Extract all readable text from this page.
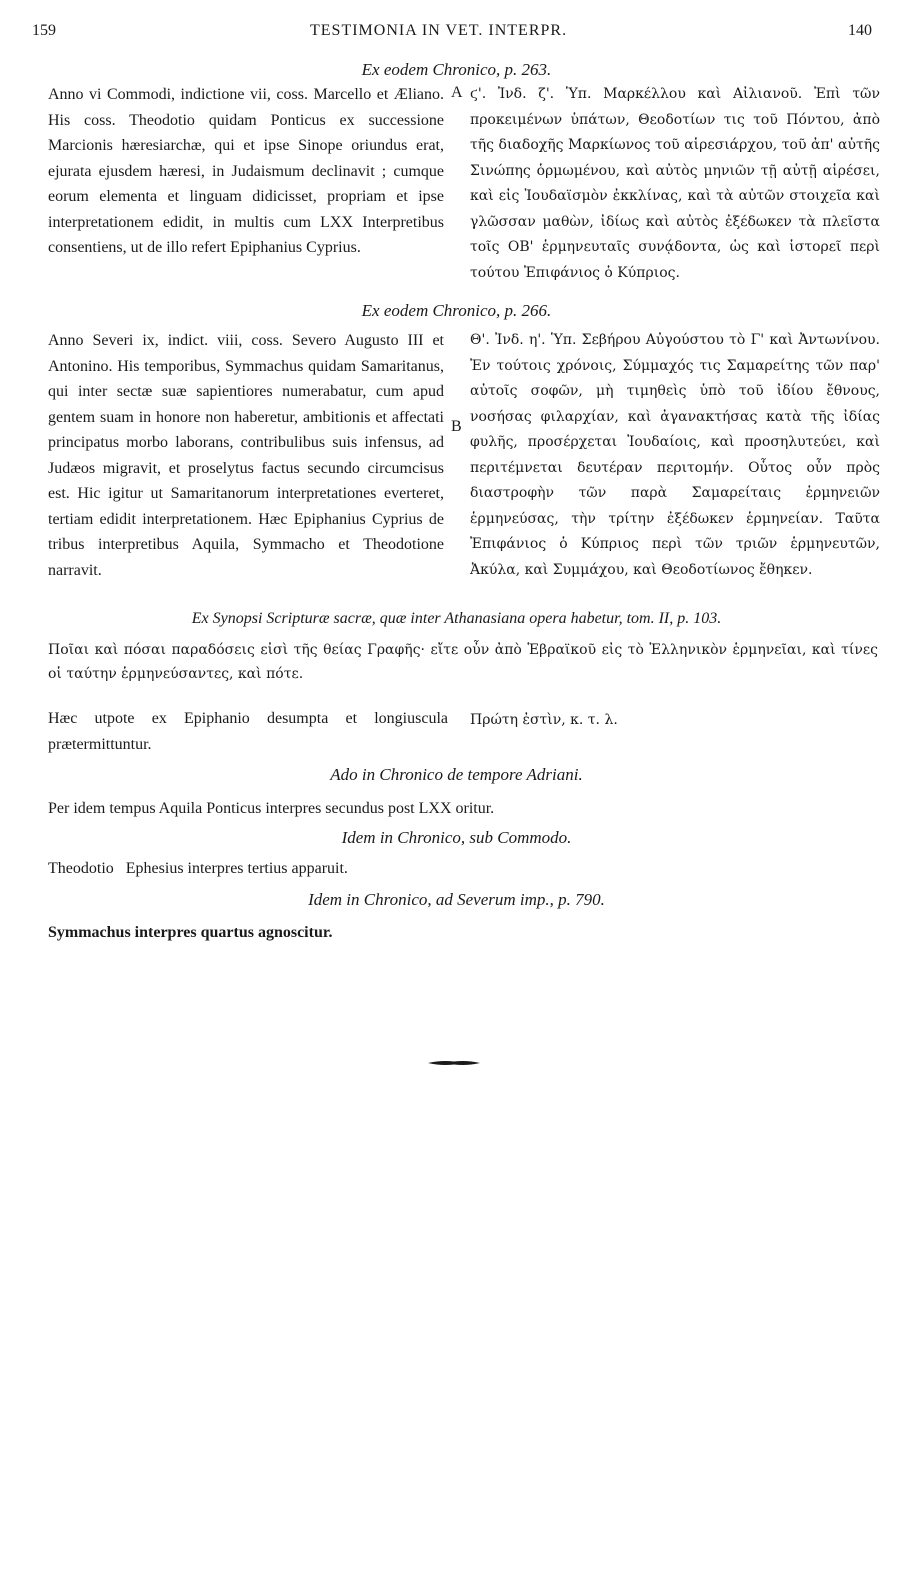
159	TESTIMONIA IN VET. INTERPR.	140
Ex eodem Chronico, p. 263.
Anno vi Commodi, indictione vii, coss. Marcello et Æliano. His coss. Theodotio quidam Ponticus ex successione Marcionis hæresiarchæ, qui et ipse Sinope oriundus erat, ejurata ejusdem hæresi, in Judaismum declinavit ; cumque eorum elementa et linguam didicisset, propriam et ipse interpretationem edidit, in multis cum LXX Interpretibus consentiens, ut de illo refert Epiphanius Cyprius.
A ϛ'. Ἰνδ. ζ'. Ὑπ. Μαρκέλλου καὶ Αἰλιανοῦ. Ἐπὶ τῶν προκειμένων ὑπάτων, Θεοδοτίων τις τοῦ Πόντου, ἀπὸ τῆς διαδοχῆς Μαρκίωνος τοῦ αἱρεσιάρχου, τοῦ ἀπ' αὐτῆς Σινώπης ὁρμωμένου, καὶ αὐτὸς μηνιῶν τῇ αὐτῇ αἱρέσει, καὶ εἰς Ἰουδαϊσμὸν ἐκκλίνας, καὶ τὰ αὐτῶν στοιχεῖα καὶ γλῶσσαν μαθὼν, ἰδίως καὶ αὐτὸς ἐξέδωκεν τὰ πλεῖστα τοῖς ΟΒ' ἑρμηνευταῖς συνᾴδοντα, ὡς καὶ ἱστορεῖ περὶ τούτου Ἐπιφάνιος ὁ Κύπριος.
Ex eodem Chronico, p. 266.
Anno Severi ix, indict. viii, coss. Severo Augusto III et Antonino. His temporibus, Symmachus quidam Samaritanus, qui inter sectæ suæ sapientiores numerabatur, cum apud gentem suam in honore non haberetur, ambitionis et affectati principatus morbo laborans, contribulibus suis infensus, ad Judæos migravit, et proselytus factus secundo circumcisus est. Hic igitur ut Samaritanorum interpretationes everteret, tertiam edidit interpretationem. Hæc Epiphanius Cyprius de tribus interpretibus Aquila, Symmacho et Theodotione narravit.
B
Θ'. Ἰνδ. η'. Ὑπ. Σεβήρου Αὐγούστου τὸ Γ' καὶ Ἀντωνίνου. Ἐν τούτοις χρόνοις, Σύμμαχός τις Σαμαρείτης τῶν παρ' αὐτοῖς σοφῶν, μὴ τιμηθεὶς ὑπὸ τοῦ ἰδίου ἔθνους, νοσήσας φιλαρχίαν, καὶ ἀγανακτήσας κατὰ τῆς ἰδίας φυλῆς, προσέρχεται Ἰουδαίοις, καὶ προσηλυτεύει, καὶ περιτέμνεται δευτέραν περιτομήν. Οὗτος οὖν πρὸς διαστροφὴν τῶν παρὰ Σαμαρείταις ἑρμηνειῶν ἑρμηνεύσας, τὴν τρίτην ἐξέδωκεν ἑρμηνείαν. Ταῦτα Ἐπιφάνιος ὁ Κύπριος περὶ τῶν τριῶν ἑρμηνευτῶν, Ἀκύλα, καὶ Συμμάχου, καὶ Θεοδοτίωνος ἔθηκεν.
Ex Synopsi Scripturæ sacræ, quæ inter Athanasiana opera habetur, tom. II, p. 103.
Ποῖαι καὶ πόσαι παραδόσεις εἰσὶ τῆς θείας Γραφῆς· εἴτε οὖν ἀπὸ Ἑβραϊκοῦ εἰς τὸ Ἑλληνικὸν ἑρμηνεῖαι, καὶ τίνες οἱ ταύτην ἑρμηνεύσαντες, καὶ πότε.
Hæc utpote ex Epiphanio desumpta et longiuscula prætermittuntur.
Πρώτη ἐστὶν, κ. τ. λ.
Ado in Chronico de tempore Adriani.
Per idem tempus Aquila Ponticus interpres secundus post LXX oritur.
Idem in Chronico, sub Commodo.
Theodotio   Ephesius interpres tertius apparuit.
Idem in Chronico, ad Severum imp., p. 790.
Symmachus interpres quartus agnoscitur.
